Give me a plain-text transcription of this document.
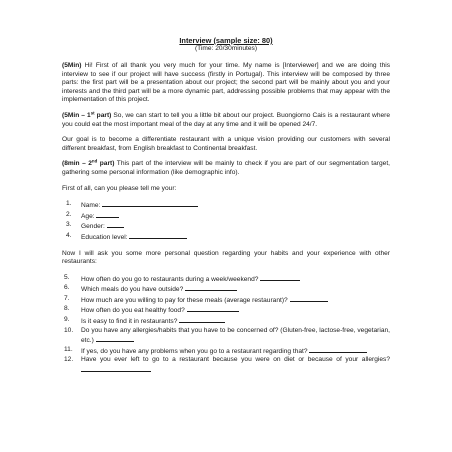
Interview (sample size: 80)
(Time: 20/30minutes)

(5Min) Hi! First of all thank you very much for your time. My name is [Interviewer] and we are doing this interview to see if our project will have success (firstly in Portugal). This interview will be composed by three parts: the first part will be a presentation about our project; the second part will be mainly about you and your interests and the third part will be a more dynamic part, addressing possible problems that may appear with the implementation of this project.

(5Min – 1st part) So, we can start to tell you a little bit about our project. Buongiorno Cais is a restaurant where you could eat the most important meal of the day at any time and it will be opened 24/7.

Our goal is to become a differentiate restaurant with a unique vision providing our customers with several different breakfast, from English breakfast to Continental breakfast.

(8min – 2nd part) This part of the interview will be mainly to check if you are part of our segmentation target, gathering some personal information (like demographic info).

First of all, can you please tell me your:

1. Name:
2. Age:
3. Gender:
4. Education level:

Now I will ask you some more personal question regarding your habits and your experience with other restaurants:

5. How often do you go to restaurants during a week/weekend?
6. Which meals do you have outside?
7. How much are you willing to pay for these meals (average restaurant)?
8. How often do you eat healthy food?
9. Is it easy to find it in restaurants?
10. Do you have any allergies/habits that you have to be concerned of? (Gluten-free, lactose-free, vegetarian, etc.)
11. If yes, do you have any problems when you go to a restaurant regarding that?
12. Have you ever left to go to a restaurant because you were on diet or because of your allergies?
